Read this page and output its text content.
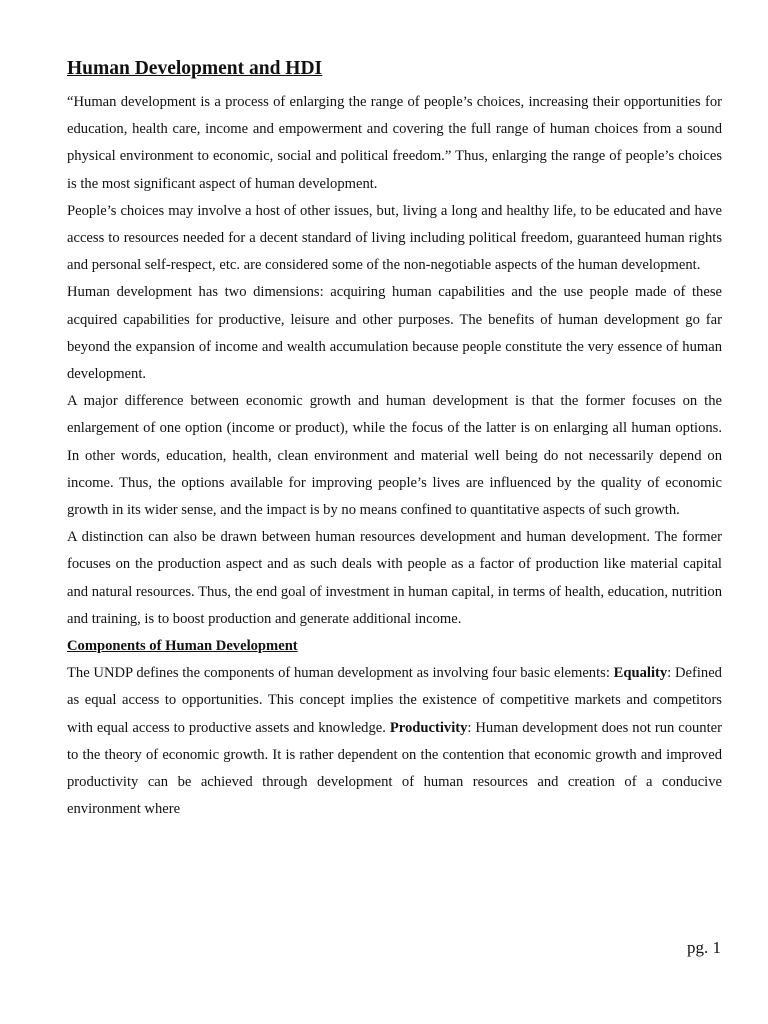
Human Development and HDI

“Human development is a process of enlarging the range of people’s choices, increasing their opportunities for education, health care, income and empowerment and covering the full range of human choices from a sound physical environment to economic, social and political freedom.” Thus, enlarging the range of people’s choices is the most significant aspect of human development.

People’s choices may involve a host of other issues, but, living a long and healthy life, to be educated and have access to resources needed for a decent standard of living including political freedom, guaranteed human rights and personal self-respect, etc. are considered some of the non-negotiable aspects of the human development.

Human development has two dimensions: acquiring human capabilities and the use people made of these acquired capabilities for productive, leisure and other purposes. The benefits of human development go far beyond the expansion of income and wealth accumulation because people constitute the very essence of human development.

A major difference between economic growth and human development is that the former focuses on the enlargement of one option (income or product), while the focus of the latter is on enlarging all human options. In other words, education, health, clean environment and material well being do not necessarily depend on income. Thus, the options available for improving people’s lives are influenced by the quality of economic growth in its wider sense, and the impact is by no means confined to quantitative aspects of such growth.

A distinction can also be drawn between human resources development and human development. The former focuses on the production aspect and as such deals with people as a factor of production like material capital and natural resources. Thus, the end goal of investment in human capital, in terms of health, education, nutrition and training, is to boost production and generate additional income.

Components of Human Development

The UNDP defines the components of human development as involving four basic elements: Equality: Defined as equal access to opportunities. This concept implies the existence of competitive markets and competitors with equal access to productive assets and knowledge. Productivity: Human development does not run counter to the theory of economic growth. It is rather dependent on the contention that economic growth and improved productivity can be achieved through development of human resources and creation of a conducive environment where

pg. 1
